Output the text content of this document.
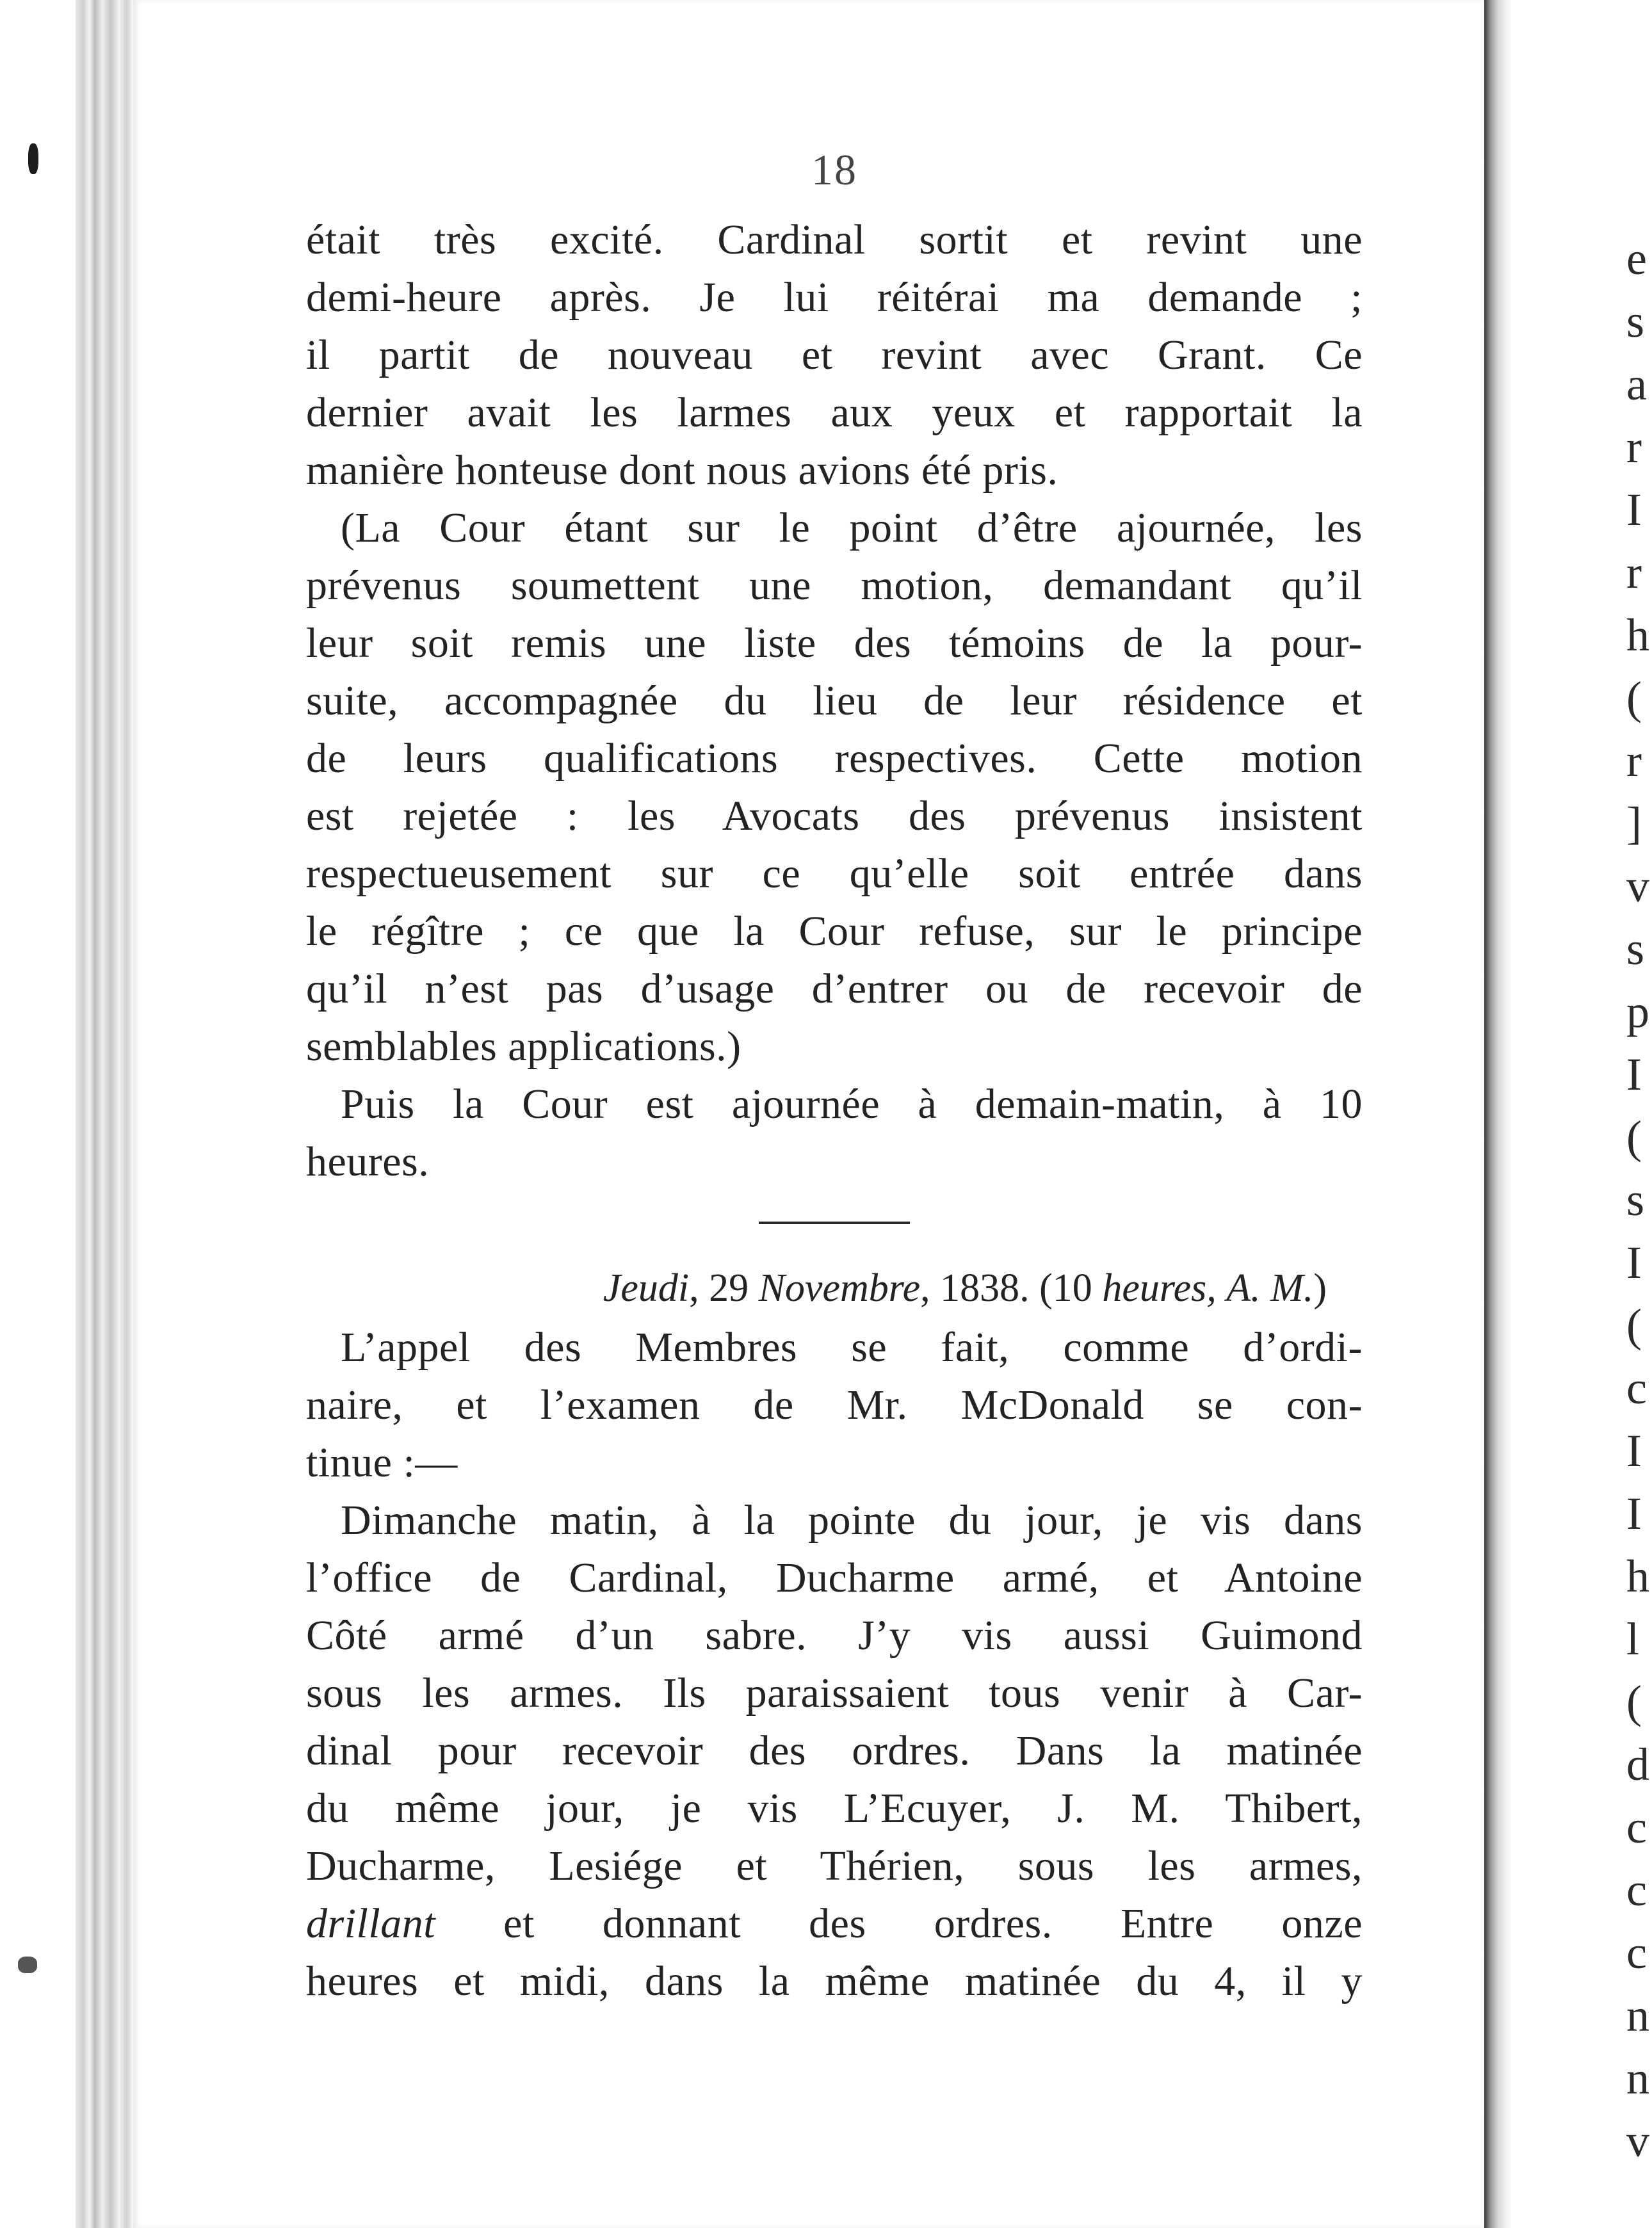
e
s
a
r
I
r
h
(
r
]
v
s
p
I
(
s
I
(
c
I
I
h
l
(
d
c
c
c
n
n
v
18
était très excité. Cardinal sortit et revint une
demi-heure après. Je lui réitérai ma demande ;
il partit de nouveau et revint avec Grant. Ce
dernier avait les larmes aux yeux et rapportait la
manière honteuse dont nous avions été pris.
(La Cour étant sur le point d’être ajournée, les
prévenus soumettent une motion, demandant qu’il
leur soit remis une liste des témoins de la pour-
suite, accompagnée du lieu de leur résidence et
de leurs qualifications respectives. Cette motion
est rejetée : les Avocats des prévenus insistent
respectueusement sur ce qu’elle soit entrée dans
le régître ; ce que la Cour refuse, sur le principe
qu’il n’est pas d’usage d’entrer ou de recevoir de
semblables applications.)
Puis la Cour est ajournée à demain-matin, à 10
heures.
Jeudi, 29 Novembre, 1838. (10 heures, A. M.)
L’appel des Membres se fait, comme d’ordi-
naire, et l’examen de Mr. McDonald se con-
tinue :—
Dimanche matin, à la pointe du jour, je vis dans
l’office de Cardinal, Ducharme armé, et Antoine
Côté armé d’un sabre. J’y vis aussi Guimond
sous les armes. Ils paraissaient tous venir à Car-
dinal pour recevoir des ordres. Dans la matinée
du même jour, je vis L’Ecuyer, J. M. Thibert,
Ducharme, Lesiége et Thérien, sous les armes,
drillant et donnant des ordres. Entre onze
heures et midi, dans la même matinée du 4, il y
